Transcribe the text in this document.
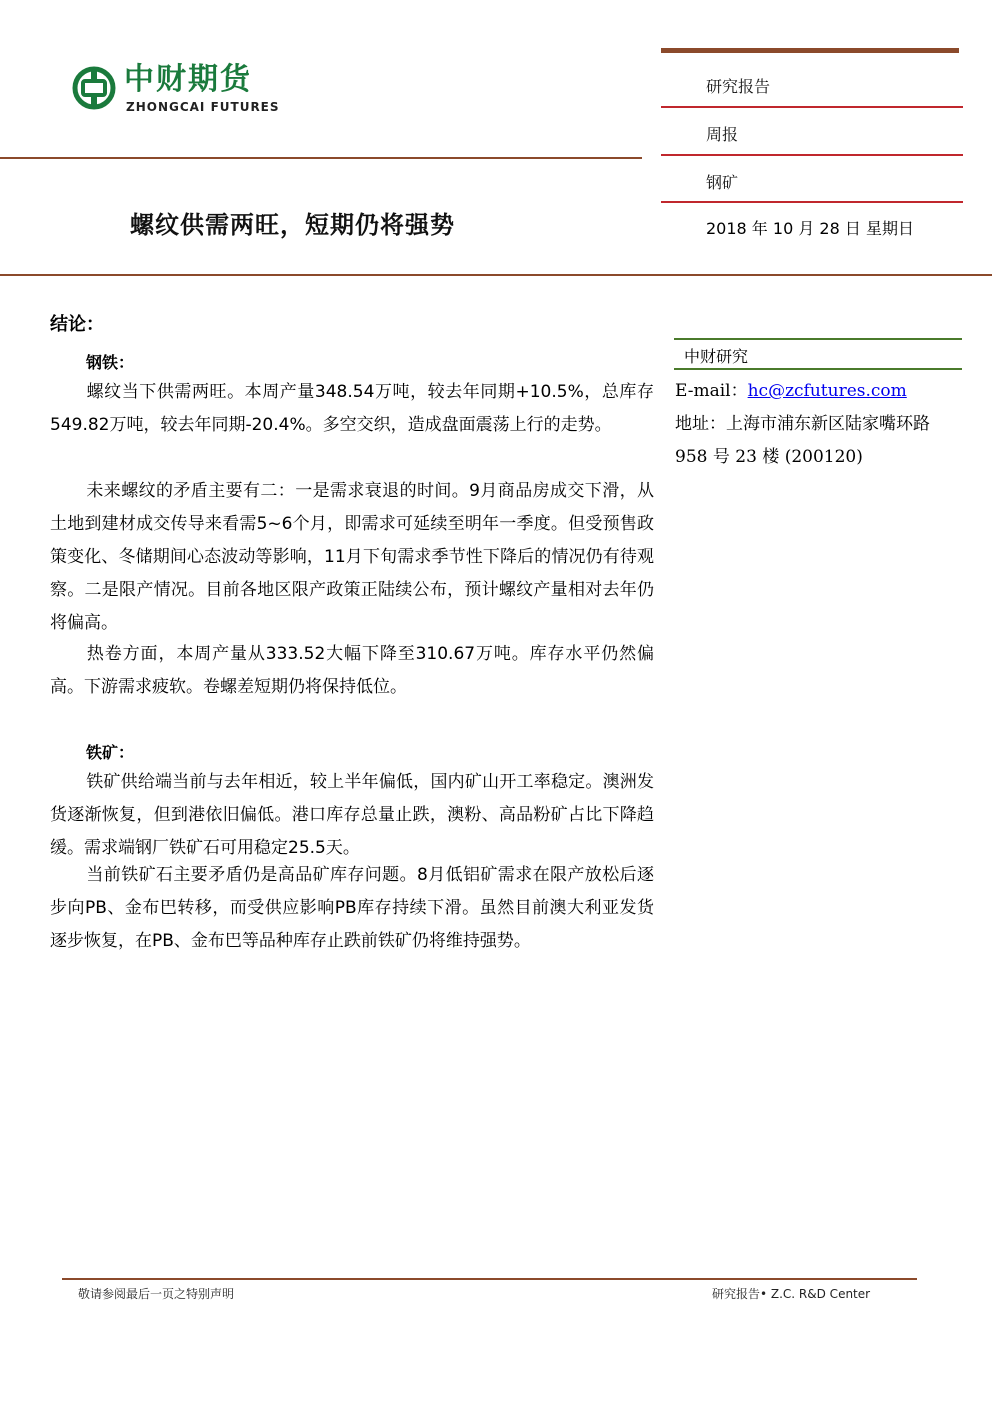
中财期货
ZHONGCAI FUTURES
研究报告
周报
钢矿
2018 年 10 月 28 日 星期日
螺纹供需两旺，短期仍将强势
结论：
钢铁：

螺纹当下供需两旺。本周产量348.54万吨，较去年同期+10.5%，总库存549.82万吨，较去年同期-20.4%。多空交织，造成盘面震荡上行的走势。

未来螺纹的矛盾主要有二：一是需求衰退的时间。9月商品房成交下滑，从土地到建材成交传导来看需5~6个月，即需求可延续至明年一季度。但受预售政策变化、冬储期间心态波动等影响，11月下旬需求季节性下降后的情况仍有待观察。二是限产情况。目前各地区限产政策正陆续公布，预计螺纹产量相对去年仍将偏高。

热卷方面，本周产量从333.52大幅下降至310.67万吨。库存水平仍然偏高。下游需求疲软。卷螺差短期仍将保持低位。

铁矿：

铁矿供给端当前与去年相近，较上半年偏低，国内矿山开工率稳定。澳洲发货逐渐恢复，但到港依旧偏低。港口库存总量止跌，澳粉、高品粉矿占比下降趋缓。需求端钢厂铁矿石可用稳定25.5天。

当前铁矿石主要矛盾仍是高品矿库存问题。8月低铝矿需求在限产放松后逐步向PB、金布巴转移，而受供应影响PB库存持续下滑。虽然目前澳大利亚发货逐步恢复，在PB、金布巴等品种库存止跌前铁矿仍将维持强势。

中财研究
E-mail：hc@zcfutures.com
地址：上海市浦东新区陆家嘴环路 958 号 23 楼 (200120)
敬请参阅最后一页之特别声明	研究报告• Z.C. R&D Center
